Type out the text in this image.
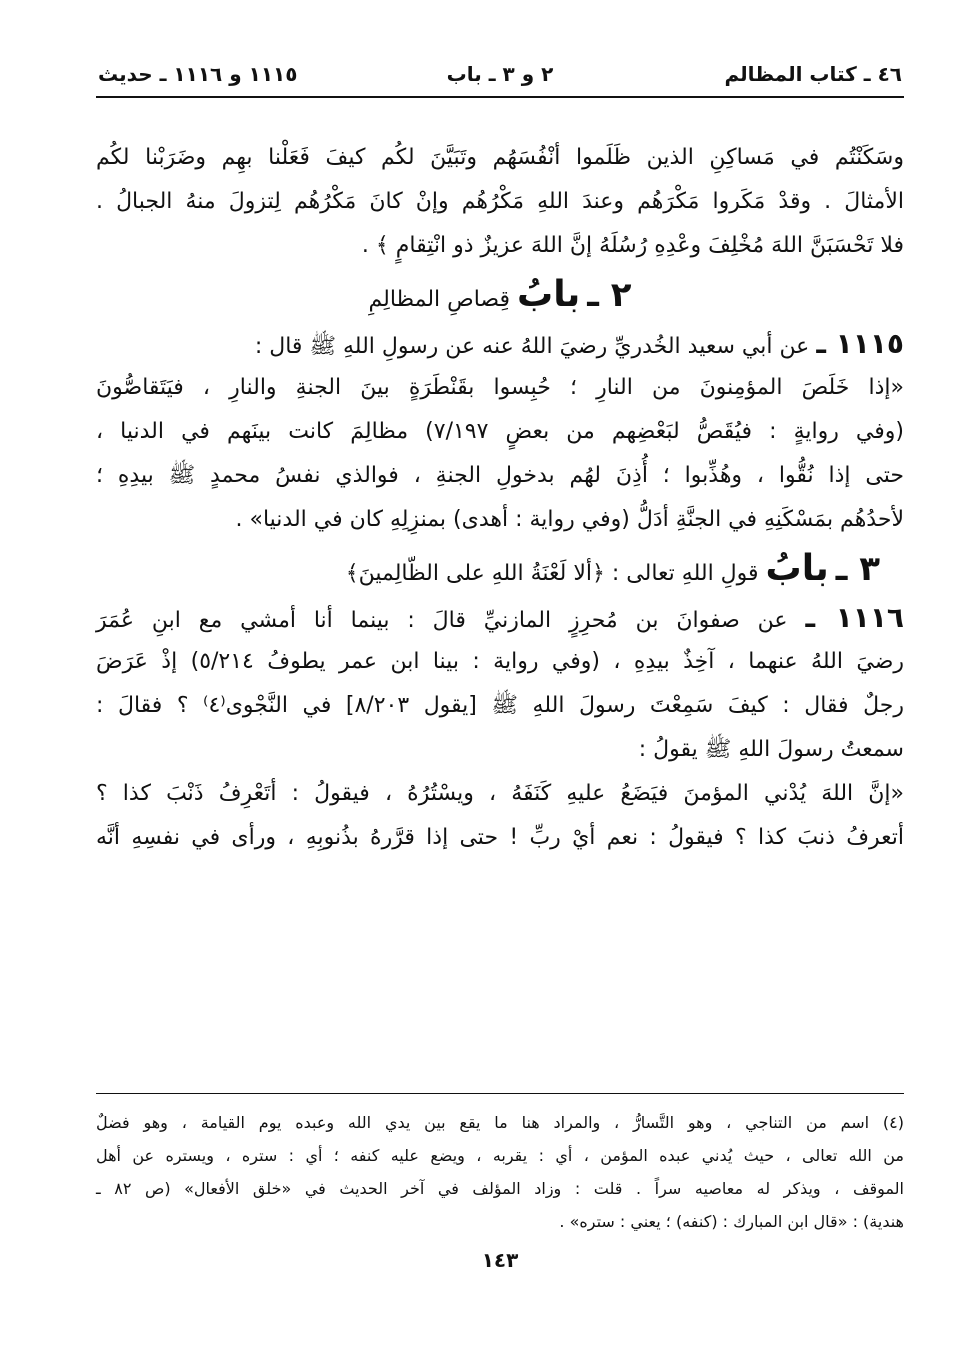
٤٦ ـ كتاب المظالم
٢ و ٣ ـ باب
١١١٥ و ١١١٦ ـ حديث
وسَكَنْتُم في مَساكِنِ الذين ظَلَموا أنْفُسَهُم وتَبَيَّنَ لكُم كيفَ فَعَلْنا بهِم وضَرَبْنا لكُم
الأمثالَ . وقدْ مَكَروا مَكْرَهُم وعندَ اللهِ مَكْرُهُم وإنْ كانَ مَكْرُهُم لِتزولَ منهُ الجبالُ .
فلا تَحْسَبَنَّ اللهَ مُخْلِفَ وعْدِهِ رُسُلَهُ إنَّ اللهَ عزيزٌ ذو انْتِقامٍ ﴾ .
٢ ـ بابُ قِصاصِ المظالِمِ
١١١٥ ـ عن أبي سعيد الخُدريِّ رضيَ اللهُ عنه عن رسولِ اللهِ ﷺ قال :
«إذا خَلَصَ المؤمِنونَ من النارِ ؛ حُبِسوا بقَنْطَرَةٍ بينَ الجنةِ والنارِ ، فيَتَقاصُّونَ
(وفي روايةٍ : فيُقَصُّ لبَعْضِهم من بعضٍ ٧/١٩٧) مظالِمَ كانت بينَهم في الدنيا ،
حتى إذا نُقُّوا ، وهُذِّبوا ؛ أُذِنَ لهُم بدخولِ الجنةِ ، فوالذي نفسُ محمدٍ ﷺ بيدِهِ ؛
لأحدُهُم بمَسْكَنِهِ في الجنَّةِ أدَلُّ (وفي رواية : أهدى) بمنزِلِهِ كان في الدنيا» .
٣ ـ بابُ قولِ اللهِ تعالى : ﴿ألا لَعْنَةُ اللهِ على الظّالِمينَ﴾
١١١٦ ـ عن صفوانَ بن مُحرِزٍ المازنيِّ قالَ : بينما أنا أمشي مع ابنِ عُمَرَ
رضيَ اللهُ عنهما ، آخِذٌ بيدِهِ ، (وفي رواية : بينا ابن عمر يطوفُ ٥/٢١٤) إذْ عَرَضَ
رجلٌ فقال : كيفَ سَمِعْتَ رسولَ اللهِ ﷺ [يقول ٨/٢٠٣] في النَّجْوى⁽٤⁾ ؟ فقالَ :
سمعتُ رسولَ اللهِ ﷺ يقولُ :
«إنَّ اللهَ يُدْني المؤمنَ فيَضَعُ عليهِ كَنَفَهُ ، ويسْتُرُهُ ، فيقولُ : أتَعْرِفُ ذَنْبَ كذا ؟
أتعرفُ ذنبَ كذا ؟ فيقولُ : نعم أيْ ربِّ ! حتى إذا قرَّرهُ بذُنوبِهِ ، ورأى في نفسِهِ أنَّه
(٤) اسم من التناجي ، وهو التَّسارُّ ، والمراد هنا ما يقع بين يدي الله وعبده يوم القيامة ، وهو فضلٌ
من الله تعالى ، حيث يُدني عبده المؤمن ، أي : يقربه ، ويضع عليه كنفه ؛ أي : ستره ، ويستره عن أهل
الموقف ، ويذكر له معاصيه سراً . قلت : وزاد المؤلف في آخر الحديث في «خلق الأفعال» (ص ٨٢ ـ
هندية) : «قال ابن المبارك : (كنفه) ؛ يعني : ستره» .
١٤٣
